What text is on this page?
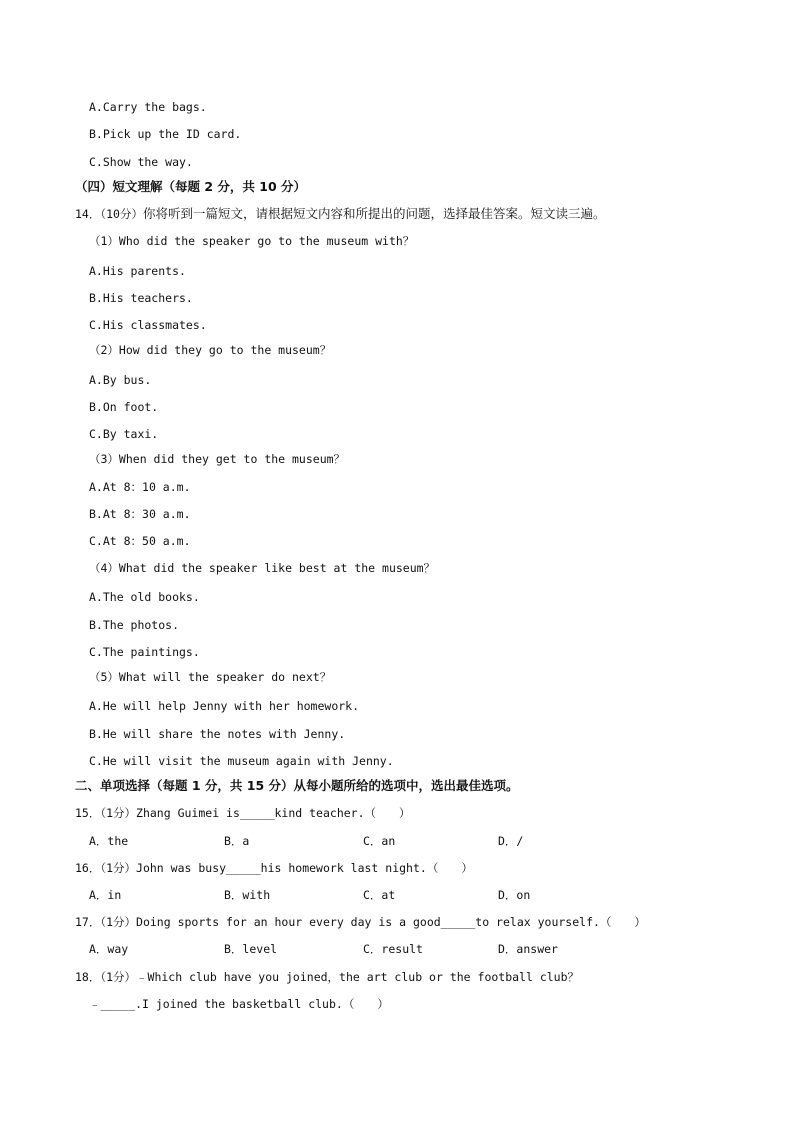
A.Carry the bags.
B.Pick up the ID card.
C.Show the way.
（四）短文理解（每题 2 分，共 10 分）
14．（10分）你将听到一篇短文，请根据短文内容和所提出的问题，选择最佳答案。短文读三遍。
（1）Who did the speaker go to the museum with？
A.His parents.
B.His teachers.
C.His classmates.
（2）How did they go to the museum？
A.By bus.
B.On foot.
C.By taxi.
（3）When did they get to the museum？
A.At 8：10 a.m.
B.At 8：30 a.m.
C.At 8：50 a.m.
（4）What did the speaker like best at the museum？
A.The old books.
B.The photos.
C.The paintings.
（5）What will the speaker do next？
A.He will help Jenny with her homework.
B.He will share the notes with Jenny.
C.He will visit the museum again with Jenny.
二、单项选择（每题 1 分，共 15 分）从每小题所给的选项中，选出最佳选项。
15．（1分）Zhang Guimei is_____kind teacher.（　　）
A．the	B．a	C．an	D．/
16．（1分）John was busy_____his homework last night.（　　）
A．in	B．with	C．at	D．on
17．（1分）Doing sports for an hour every day is a good_____to relax yourself.（　　）
A．way	B．level	C．result	D．answer
18．（1分）﹣Which club have you joined，the art club or the football club？
﹣_____.I joined the basketball club.（　　）
